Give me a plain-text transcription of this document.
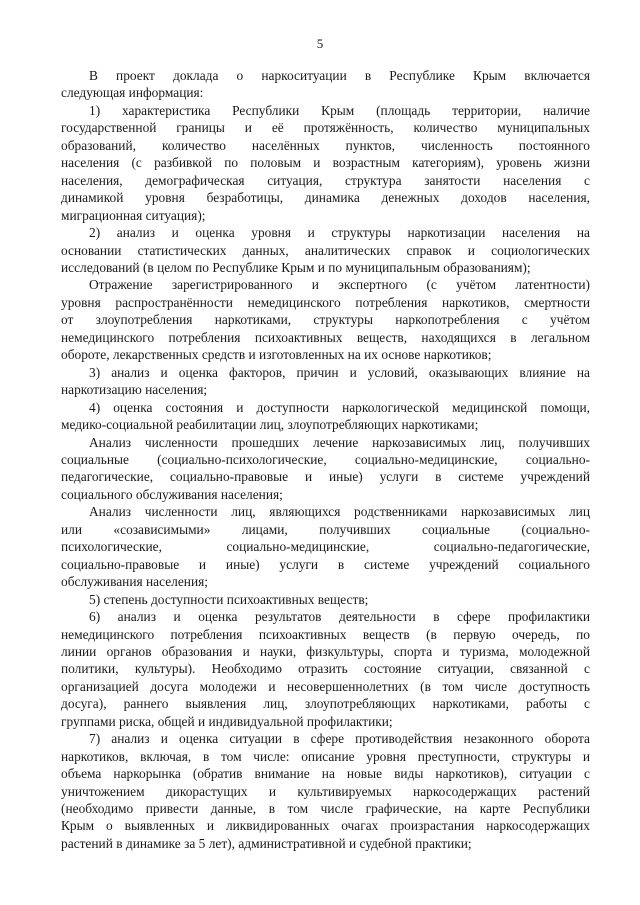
5
В проект доклада о наркоситуации в Республике Крым включается
следующая информация:
1) характеристика Республики Крым (площадь территории, наличие
государственной границы и её протяжённость, количество муниципальных
образований, количество населённых пунктов, численность постоянного
населения (с разбивкой по половым и возрастным категориям), уровень жизни
населения, демографическая ситуация, структура занятости населения с
динамикой уровня безработицы, динамика денежных доходов населения,
миграционная ситуация);
2) анализ и оценка уровня и структуры наркотизации населения на
основании статистических данных, аналитических справок и социологических
исследований (в целом по Республике Крым и по муниципальным образованиям);
Отражение зарегистрированного и экспертного (с учётом латентности)
уровня распространённости немедицинского потребления наркотиков, смертности
от злоупотребления наркотиками, структуры наркопотребления с учётом
немедицинского потребления психоактивных веществ, находящихся в легальном
обороте, лекарственных средств и изготовленных на их основе наркотиков;
3) анализ и оценка факторов, причин и условий, оказывающих влияние на
наркотизацию населения;
4) оценка состояния и доступности наркологической медицинской помощи,
медико-социальной реабилитации лиц, злоупотребляющих наркотиками;
Анализ численности прошедших лечение наркозависимых лиц, получивших
социальные (социально-психологические, социально-медицинские, социально-
педагогические, социально-правовые и иные) услуги в системе учреждений
социального обслуживания населения;
Анализ численности лиц, являющихся родственниками наркозависимых лиц
или «созависимыми» лицами, получивших социальные (социально-
психологические, социально-медицинские, социально-педагогические,
социально-правовые и иные) услуги в системе учреждений социального
обслуживания населения;
5) степень доступности психоактивных веществ;
6) анализ и оценка результатов деятельности в сфере профилактики
немедицинского потребления психоактивных веществ (в первую очередь, по
линии органов образования и науки, физкультуры, спорта и туризма, молодежной
политики, культуры). Необходимо отразить состояние ситуации, связанной с
организацией досуга молодежи и несовершеннолетних (в том числе доступность
досуга), раннего выявления лиц, злоупотребляющих наркотиками, работы с
группами риска, общей и индивидуальной профилактики;
7) анализ и оценка ситуации в сфере противодействия незаконного оборота
наркотиков, включая, в том числе: описание уровня преступности, структуры и
объема наркорынка (обратив внимание на новые виды наркотиков), ситуации с
уничтожением дикорастущих и культивируемых наркосодержащих растений
(необходимо привести данные, в том числе графические, на карте Республики
Крым о выявленных и ликвидированных очагах произрастания наркосодержащих
растений в динамике за 5 лет), административной и судебной практики;
